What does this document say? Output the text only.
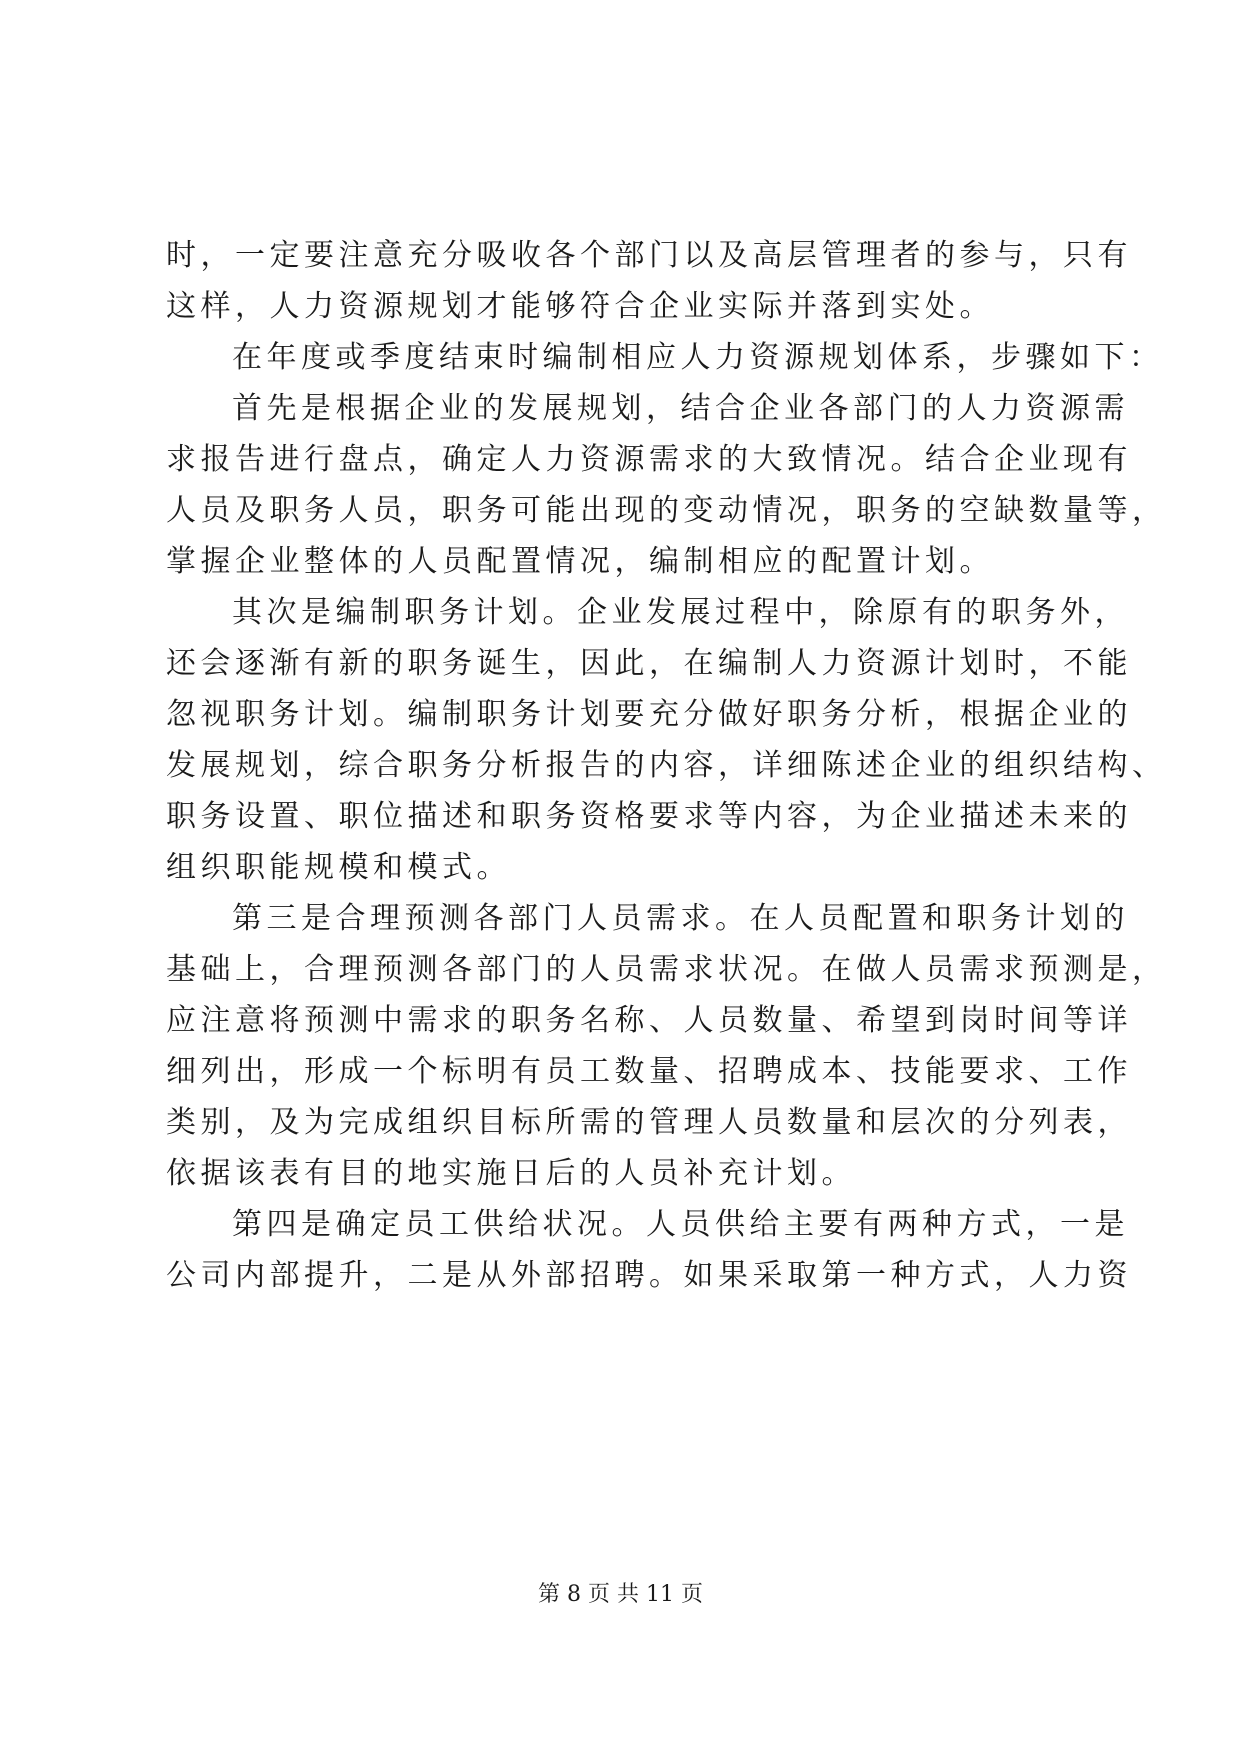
时，一定要注意充分吸收各个部门以及高层管理者的参与，只有
这样，人力资源规划才能够符合企业实际并落到实处。
在年度或季度结束时编制相应人力资源规划体系，步骤如下：
首先是根据企业的发展规划，结合企业各部门的人力资源需
求报告进行盘点，确定人力资源需求的大致情况。结合企业现有
人员及职务人员，职务可能出现的变动情况，职务的空缺数量等，
掌握企业整体的人员配置情况，编制相应的配置计划。
其次是编制职务计划。企业发展过程中，除原有的职务外，
还会逐渐有新的职务诞生，因此，在编制人力资源计划时，不能
忽视职务计划。编制职务计划要充分做好职务分析，根据企业的
发展规划，综合职务分析报告的内容，详细陈述企业的组织结构、
职务设置、职位描述和职务资格要求等内容，为企业描述未来的
组织职能规模和模式。
第三是合理预测各部门人员需求。在人员配置和职务计划的
基础上，合理预测各部门的人员需求状况。在做人员需求预测是，
应注意将预测中需求的职务名称、人员数量、希望到岗时间等详
细列出，形成一个标明有员工数量、招聘成本、技能要求、工作
类别，及为完成组织目标所需的管理人员数量和层次的分列表，
依据该表有目的地实施日后的人员补充计划。
第四是确定员工供给状况。人员供给主要有两种方式，一是
公司内部提升，二是从外部招聘。如果采取第一种方式，人力资
第 8 页 共 11 页
